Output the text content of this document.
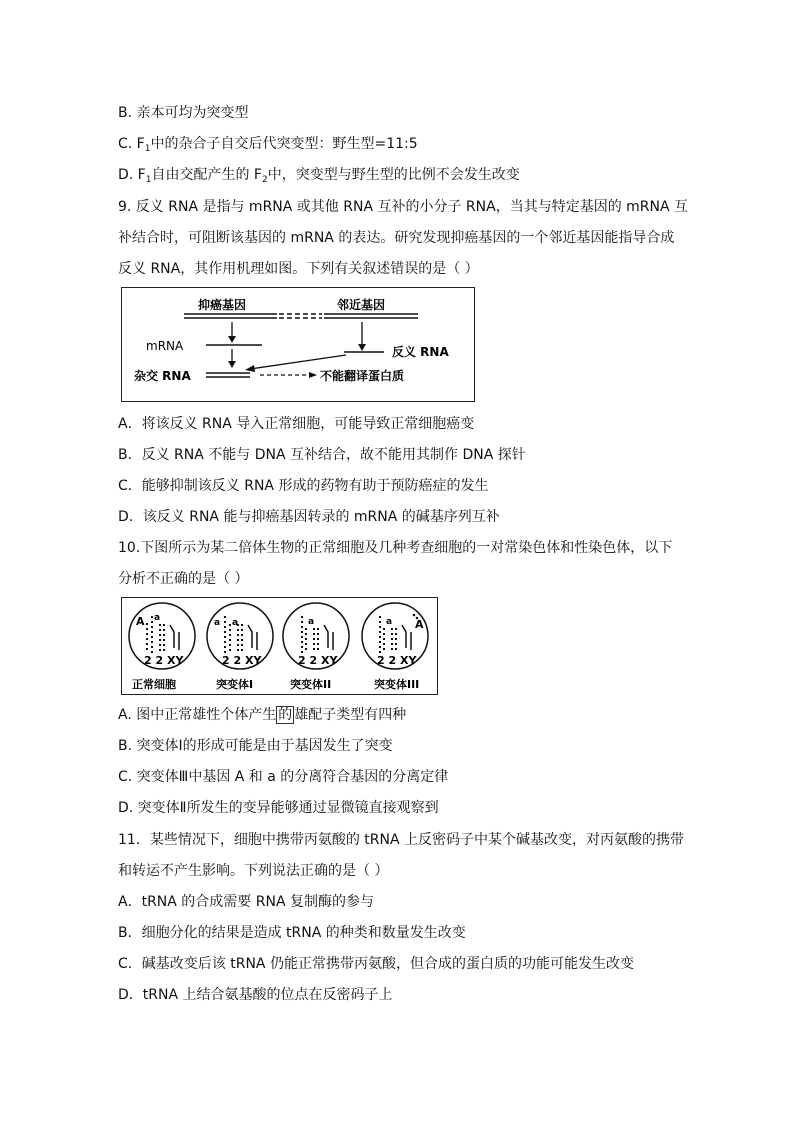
B. 亲本可均为突变型
C. $F_1$中的杂合子自交后代突变型：野生型=11:5
D. $F_1$自由交配产生的 $F_2$中，突变型与野生型的比例不会发生改变
9. 反义 RNA 是指与 mRNA 或其他 RNA 互补的小分子 RNA，当其与特定基因的 mRNA 互
补结合时，可阻断该基因的 mRNA 的表达。研究发现抑癌基因的一个邻近基因能指导合成
反义 RNA，其作用机理如图。下列有关叙述错误的是（ ）
抑癌基因	邻近基因
mRNA	反义 RNA
杂交 RNA	不能翻译蛋白质
A．将该反义 RNA 导入正常细胞，可能导致正常细胞癌变
B．反义 RNA 不能与 DNA 互补结合，故不能用其制作 DNA 探针
C．能够抑制该反义 RNA 形成的药物有助于预防癌症的发生
D．该反义 RNA 能与抑癌基因转录的 mRNA 的碱基序列互补
10.下图所示为某二倍体生物的正常细胞及几种考查细胞的一对常染色体和性染色体，以下
分析不正确的是（ ）
A a
2 2 XY
a a
2 2 XY
a
2 2 XY
a A
2 2 XY
正常细胞	突变体I	突变体II	突变体III
A. 图中正常雄性个体产生 的 雄配子类型有四种
B. 突变体Ⅰ的形成可能是由于基因发生了突变
C. 突变体Ⅲ中基因 A 和 a 的分离符合基因的分离定律
D. 突变体Ⅱ所发生的变异能够通过显微镜直接观察到
11．某些情况下，细胞中携带丙氨酸的 tRNA 上反密码子中某个碱基改变，对丙氨酸的携带
和转运不产生影响。下列说法正确的是（ ）
A．tRNA 的合成需要 RNA 复制酶的参与
B．细胞分化的结果是造成 tRNA 的种类和数量发生改变
C．碱基改变后该 tRNA 仍能正常携带丙氨酸，但合成的蛋白质的功能可能发生改变
D．tRNA 上结合氨基酸的位点在反密码子上
